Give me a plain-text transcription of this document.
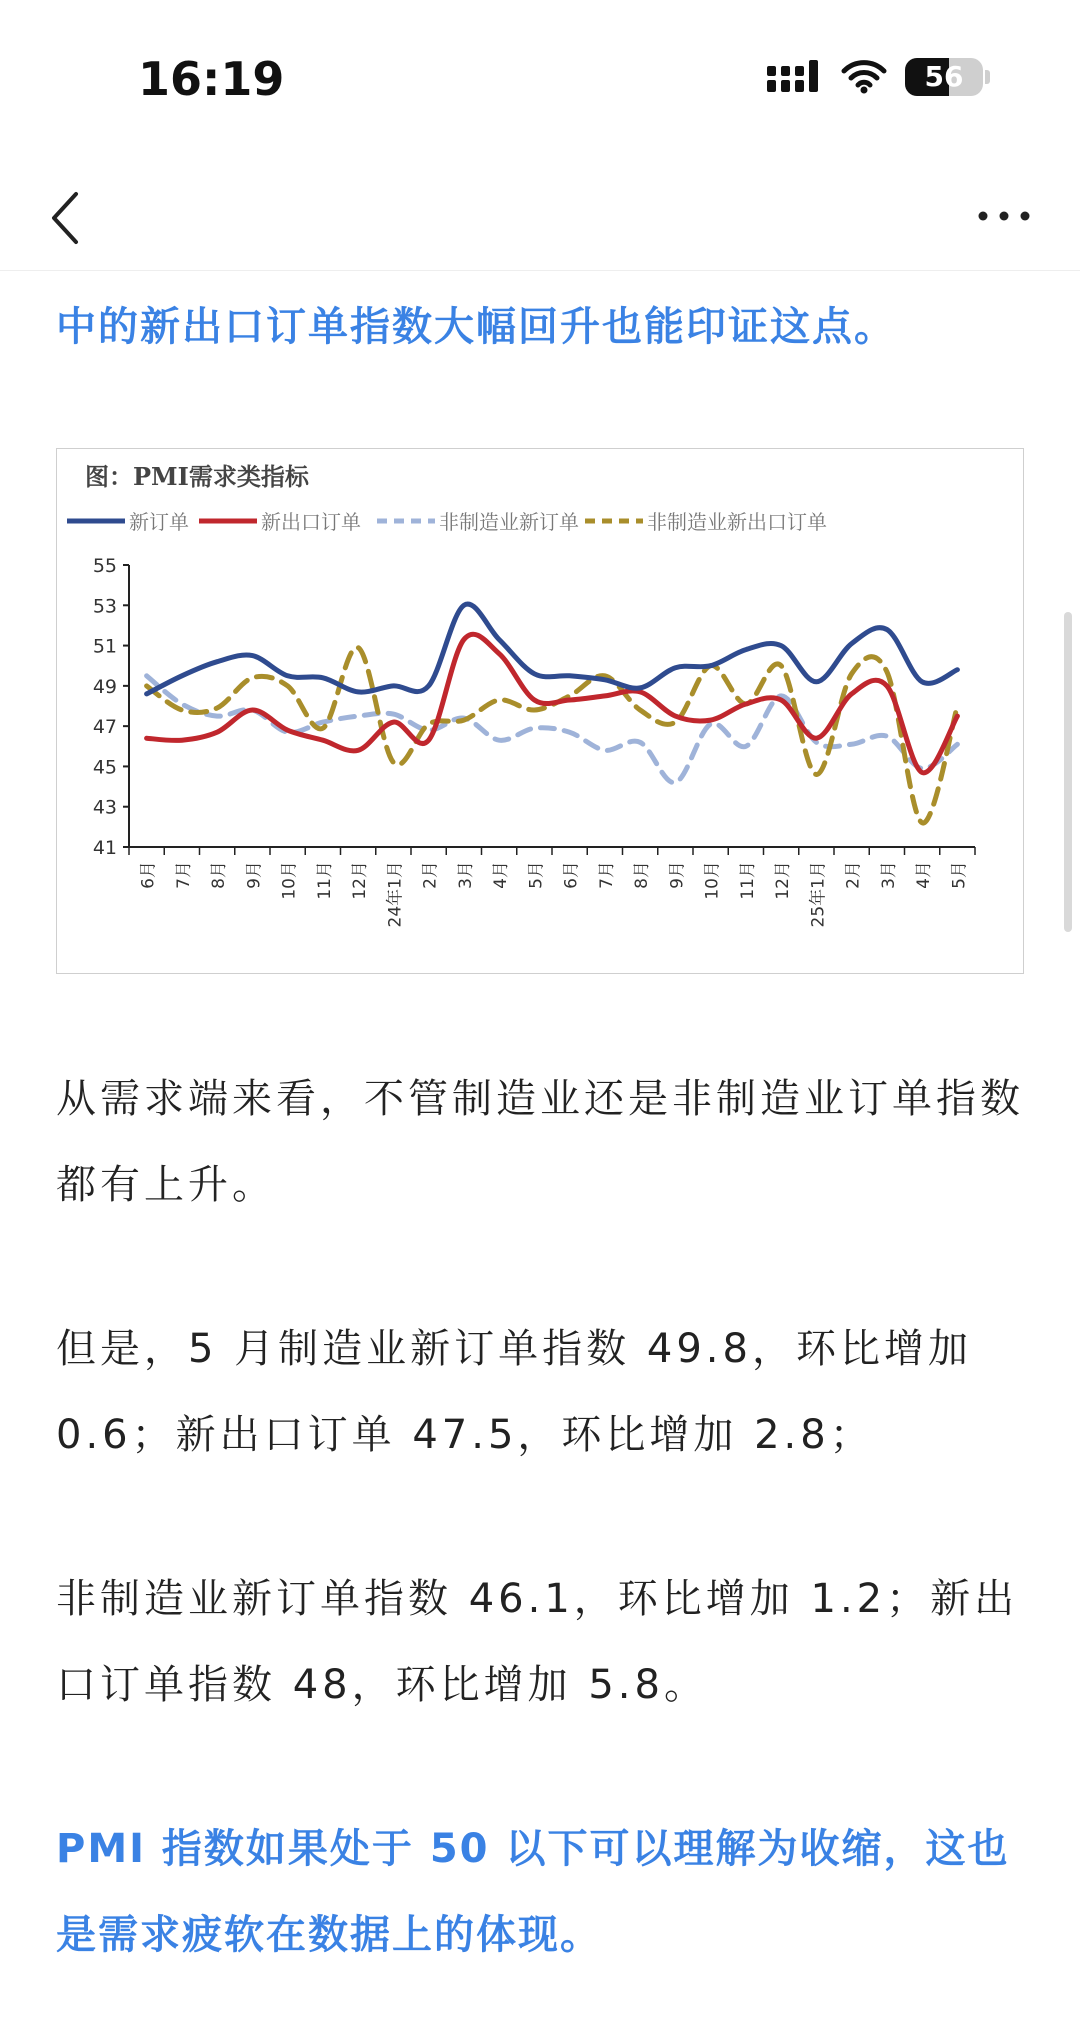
16:19	56
中的新出口订单指数大幅回升也能印证这点。
图：PMI需求类指标
新订单	新出口订单	非制造业新订单	非制造业新出口订单
41
43
45
47
49
51
53
55
6月 7月 8月 9月 10月 11月 12月 24年1月 2月 3月 4月 5月 6月 7月 8月 9月 10月 11月 12月 25年1月 2月 3月 4月 5月
从需求端来看，不管制造业还是非制造业订单指数都有上升。
但是，5 月制造业新订单指数 49.8，环比增加 0.6；新出口订单 47.5，环比增加 2.8；
非制造业新订单指数 46.1，环比增加 1.2；新出口订单指数 48，环比增加 5.8。
PMI 指数如果处于 50 以下可以理解为收缩，这也是需求疲软在数据上的体现。
